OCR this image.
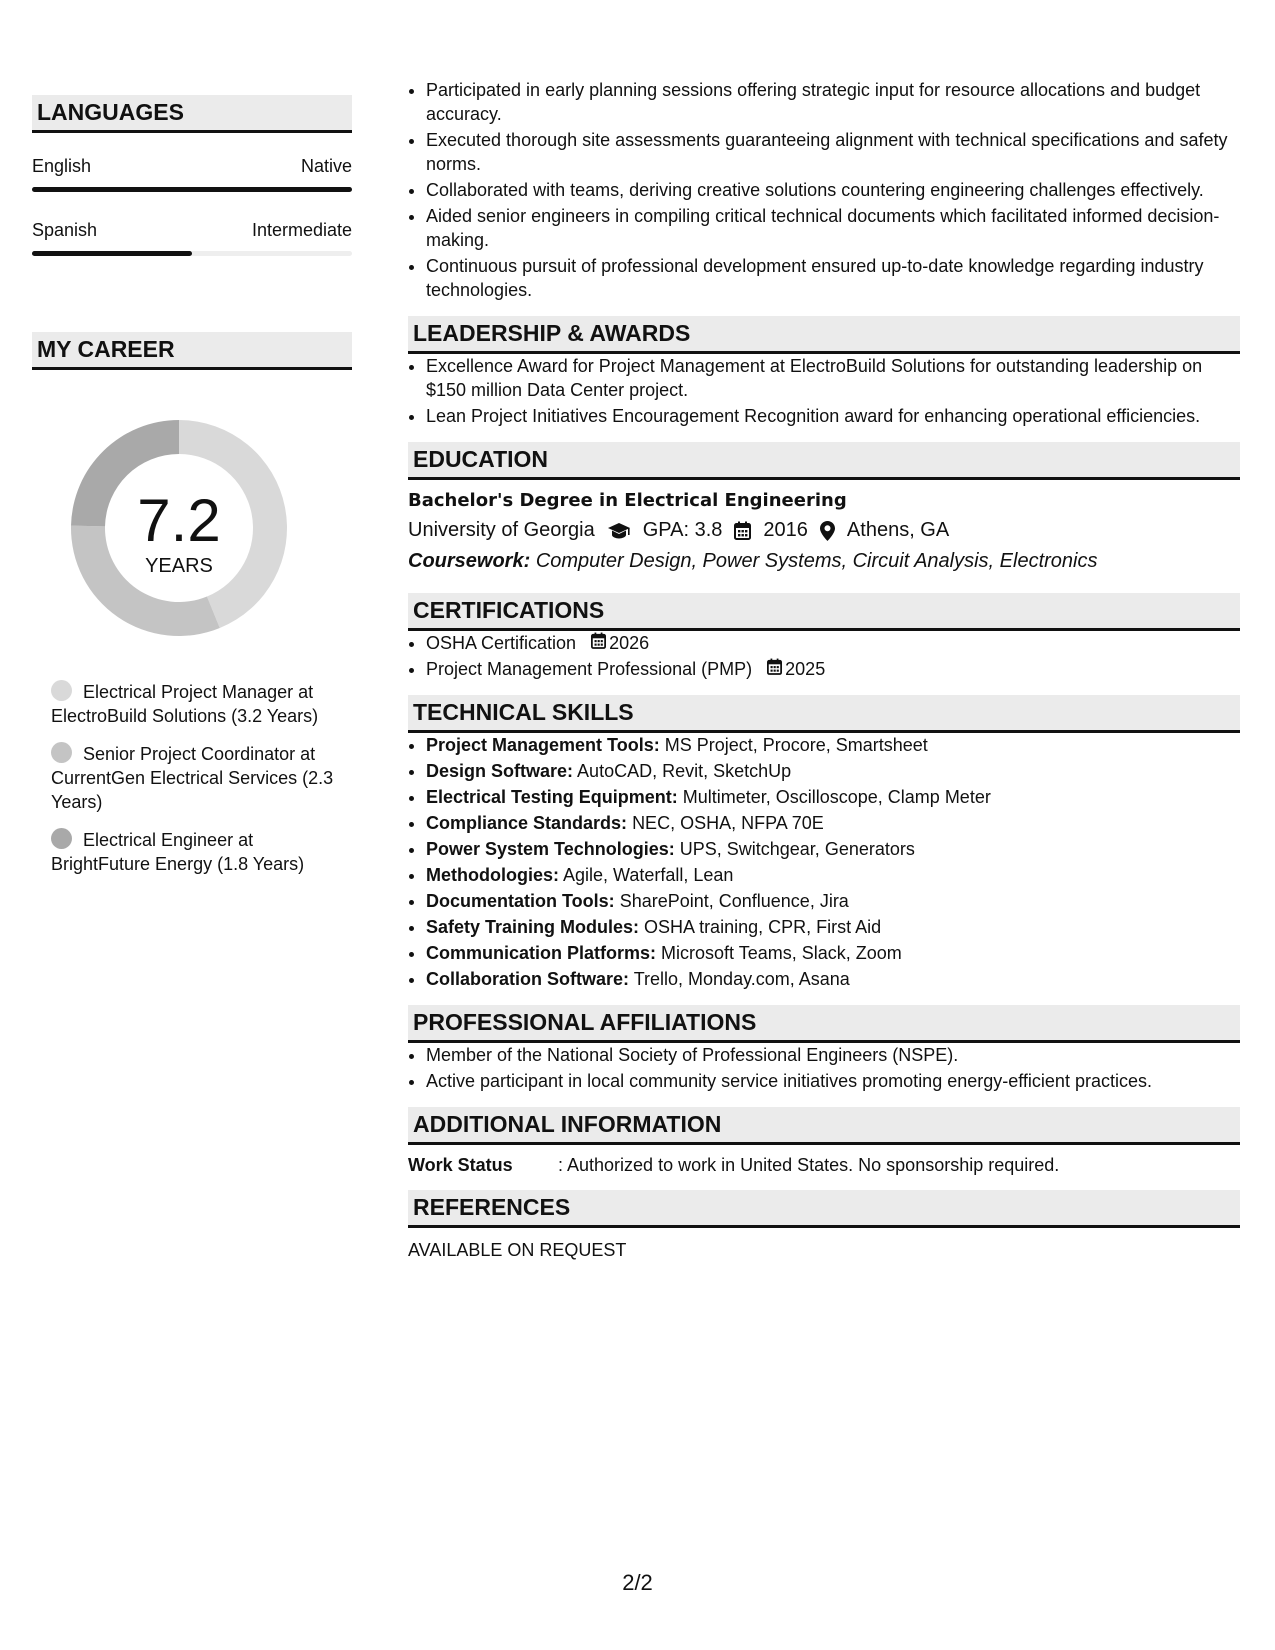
LANGUAGES
English	Native
Spanish	Intermediate
MY CAREER
7.2
YEARS
Electrical Project Manager at ElectroBuild Solutions (3.2 Years)
Senior Project Coordinator at CurrentGen Electrical Services (2.3 Years)
Electrical Engineer at BrightFuture Energy (1.8 Years)
• Participated in early planning sessions offering strategic input for resource allocations and budget accuracy.
• Executed thorough site assessments guaranteeing alignment with technical specifications and safety norms.
• Collaborated with teams, deriving creative solutions countering engineering challenges effectively.
• Aided senior engineers in compiling critical technical documents which facilitated informed decision-making.
• Continuous pursuit of professional development ensured up-to-date knowledge regarding industry technologies.
LEADERSHIP & AWARDS
• Excellence Award for Project Management at ElectroBuild Solutions for outstanding leadership on $150 million Data Center project.
• Lean Project Initiatives Encouragement Recognition award for enhancing operational efficiencies.
EDUCATION
Bachelor's Degree in Electrical Engineering
University of Georgia GPA: 3.8 2016 Athens, GA
Coursework: Computer Design, Power Systems, Circuit Analysis, Electronics
CERTIFICATIONS
• OSHA Certification 2026
• Project Management Professional (PMP) 2025
TECHNICAL SKILLS
• Project Management Tools: MS Project, Procore, Smartsheet
• Design Software: AutoCAD, Revit, SketchUp
• Electrical Testing Equipment: Multimeter, Oscilloscope, Clamp Meter
• Compliance Standards: NEC, OSHA, NFPA 70E
• Power System Technologies: UPS, Switchgear, Generators
• Methodologies: Agile, Waterfall, Lean
• Documentation Tools: SharePoint, Confluence, Jira
• Safety Training Modules: OSHA training, CPR, First Aid
• Communication Platforms: Microsoft Teams, Slack, Zoom
• Collaboration Software: Trello, Monday.com, Asana
PROFESSIONAL AFFILIATIONS
• Member of the National Society of Professional Engineers (NSPE).
• Active participant in local community service initiatives promoting energy-efficient practices.
ADDITIONAL INFORMATION
Work Status	: Authorized to work in United States. No sponsorship required.
REFERENCES
AVAILABLE ON REQUEST
2/2
